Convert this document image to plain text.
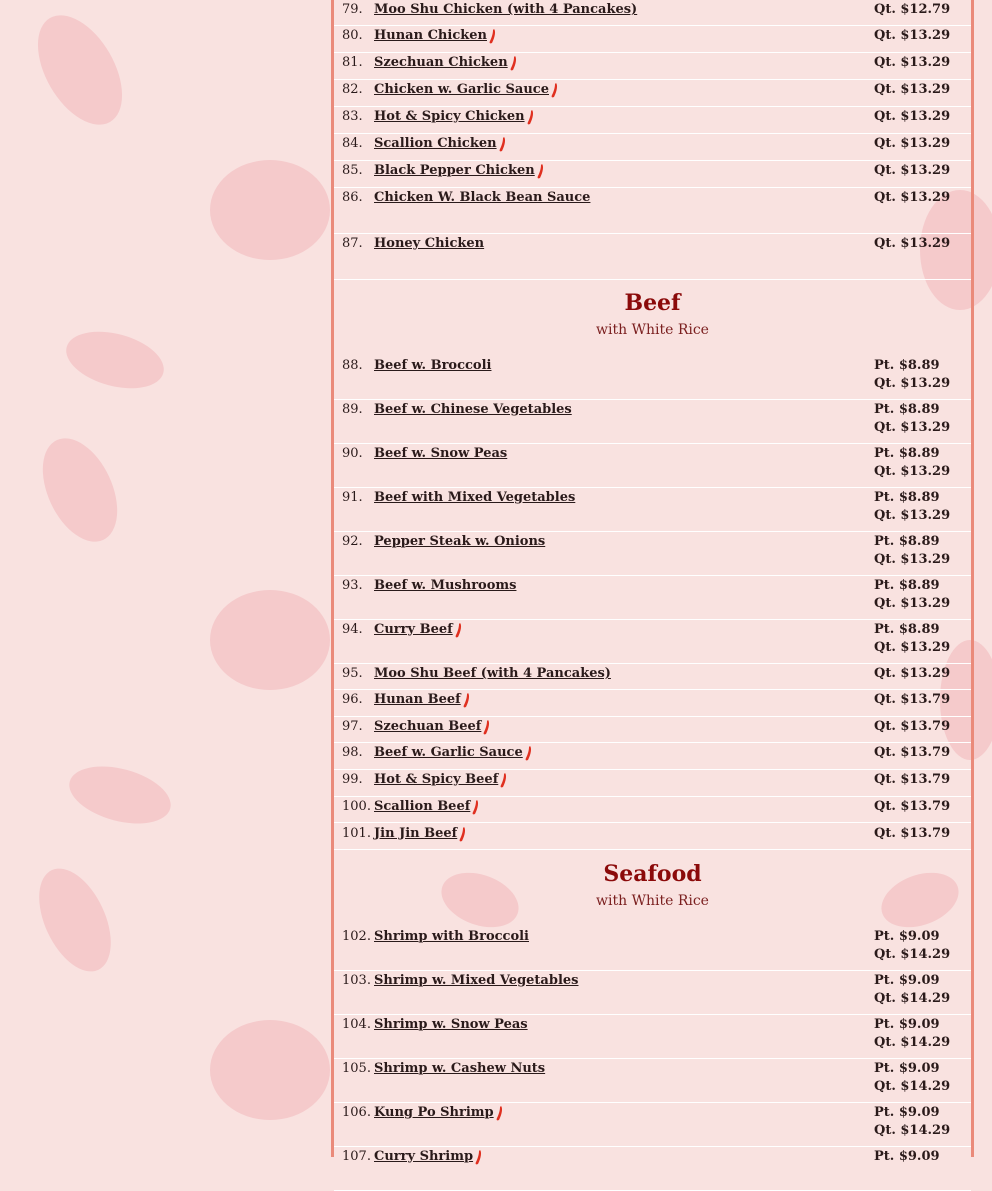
79. Moo Shu Chicken (with 4 Pancakes)	Qt. $12.79
80. Hunan Chicken	Qt. $13.29
81. Szechuan Chicken	Qt. $13.29
82. Chicken w. Garlic Sauce	Qt. $13.29
83. Hot & Spicy Chicken	Qt. $13.29
84. Scallion Chicken	Qt. $13.29
85. Black Pepper Chicken	Qt. $13.29
86. Chicken W. Black Bean Sauce	Qt. $13.29
87. Honey Chicken	Qt. $13.29
Beef
with White Rice
88. Beef w. Broccoli	Pt. $8.89
Qt. $13.29
89. Beef w. Chinese Vegetables	Pt. $8.89
Qt. $13.29
90. Beef w. Snow Peas	Pt. $8.89
Qt. $13.29
91. Beef with Mixed Vegetables	Pt. $8.89
Qt. $13.29
92. Pepper Steak w. Onions	Pt. $8.89
Qt. $13.29
93. Beef w. Mushrooms	Pt. $8.89
Qt. $13.29
94. Curry Beef	Pt. $8.89
Qt. $13.29
95. Moo Shu Beef (with 4 Pancakes)	Qt. $13.29
96. Hunan Beef	Qt. $13.79
97. Szechuan Beef	Qt. $13.79
98. Beef w. Garlic Sauce	Qt. $13.79
99. Hot & Spicy Beef	Qt. $13.79
100. Scallion Beef	Qt. $13.79
101. Jin Jin Beef	Qt. $13.79
Seafood
with White Rice
102. Shrimp with Broccoli	Pt. $9.09
Qt. $14.29
103. Shrimp w. Mixed Vegetables	Pt. $9.09
Qt. $14.29
104. Shrimp w. Snow Peas	Pt. $9.09
Qt. $14.29
105. Shrimp w. Cashew Nuts	Pt. $9.09
Qt. $14.29
106. Kung Po Shrimp	Pt. $9.09
Qt. $14.29
107. Curry Shrimp	Pt. $9.09
